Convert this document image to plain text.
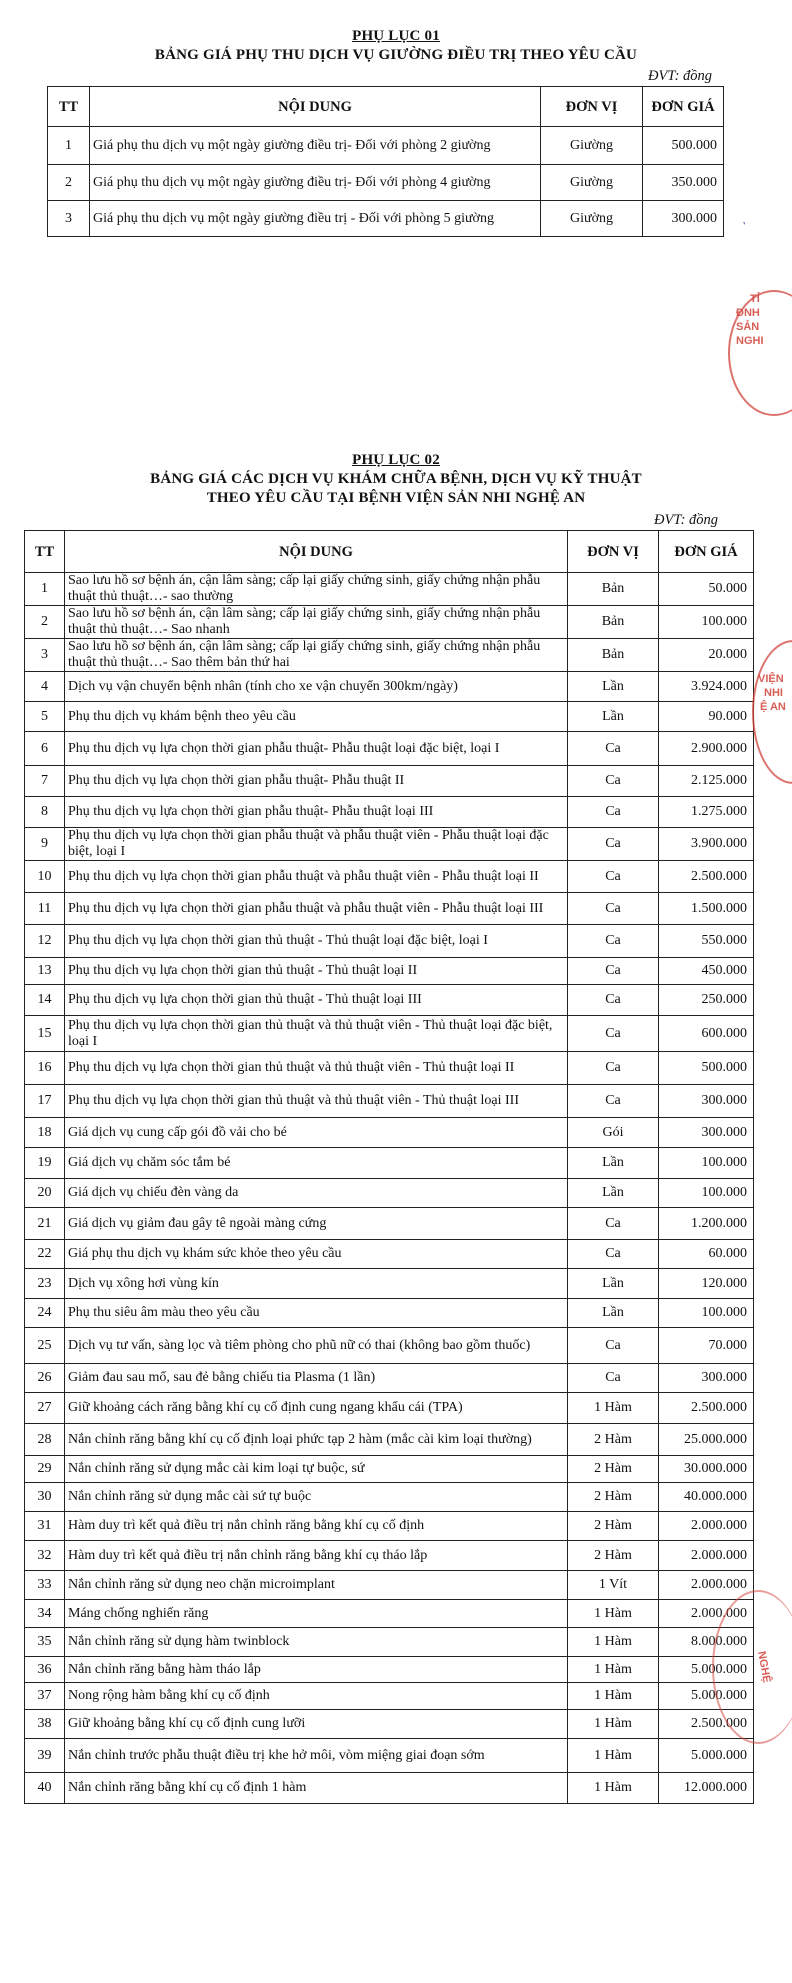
PHỤ LỤC 01
BẢNG GIÁ PHỤ THU DỊCH VỤ GIƯỜNG ĐIỀU TRỊ THEO YÊU CẦU
ĐVT: đồng
TT	NỘI DUNG	ĐƠN VỊ	ĐƠN GIÁ
1	Giá phụ thu dịch vụ một ngày giường điều trị- Đối với phòng 2 giường	Giường	500.000
2	Giá phụ thu dịch vụ một ngày giường điều trị- Đối với phòng 4 giường	Giường	350.000
3	Giá phụ thu dịch vụ một ngày giường điều trị - Đối với phòng 5 giường	Giường	300.000
TỈ
ĐNH
SẢN
NGHI
˺
PHỤ LỤC 02
BẢNG GIÁ CÁC DỊCH VỤ KHÁM CHỮA BỆNH, DỊCH VỤ KỸ THUẬT
THEO YÊU CẦU TẠI BỆNH VIỆN SẢN NHI NGHỆ AN
ĐVT: đồng
TT	NỘI DUNG	ĐƠN VỊ	ĐƠN GIÁ
1	Sao lưu hồ sơ bệnh án, cận lâm sàng; cấp lại giấy chứng sinh, giấy chứng nhận phẫu thuật thủ thuật…- sao thường	Bản	50.000
2	Sao lưu hồ sơ bệnh án, cận lâm sàng; cấp lại giấy chứng sinh, giấy chứng nhận phẫu thuật thủ thuật…- Sao nhanh	Bản	100.000
3	Sao lưu hồ sơ bệnh án, cận lâm sàng; cấp lại giấy chứng sinh, giấy chứng nhận phẫu thuật thủ thuật…- Sao thêm bản thứ hai	Bản	20.000
4	Dịch vụ vận chuyển bệnh nhân (tính cho xe vận chuyển 300km/ngày)	Lần	3.924.000
5	Phụ thu dịch vụ khám bệnh theo yêu cầu	Lần	90.000
6	Phụ thu dịch vụ lựa chọn thời gian phẫu thuật- Phẫu thuật loại đặc biệt, loại I	Ca	2.900.000
7	Phụ thu dịch vụ lựa chọn thời gian phẫu thuật- Phẫu thuật II	Ca	2.125.000
8	Phụ thu dịch vụ lựa chọn thời gian phẫu thuật- Phẫu thuật loại III	Ca	1.275.000
9	Phụ thu dịch vụ lựa chọn thời gian phẫu thuật và phẫu thuật viên - Phẫu thuật loại đặc biệt, loại I	Ca	3.900.000
10	Phụ thu dịch vụ lựa chọn thời gian phẫu thuật và phẫu thuật viên - Phẫu thuật loại II	Ca	2.500.000
11	Phụ thu dịch vụ lựa chọn thời gian phẫu thuật và phẫu thuật viên - Phẫu thuật loại III	Ca	1.500.000
12	Phụ thu dịch vụ lựa chọn thời gian thủ thuật - Thủ thuật loại đặc biệt, loại I	Ca	550.000
13	Phụ thu dịch vụ lựa chọn thời gian thủ thuật - Thủ thuật loại II	Ca	450.000
14	Phụ thu dịch vụ lựa chọn thời gian thủ thuật - Thủ thuật loại III	Ca	250.000
15	Phụ thu dịch vụ lựa chọn thời gian thủ thuật và thủ thuật viên - Thủ thuật loại đặc biệt, loại I	Ca	600.000
16	Phụ thu dịch vụ lựa chọn thời gian thủ thuật và thủ thuật viên - Thủ thuật loại II	Ca	500.000
17	Phụ thu dịch vụ lựa chọn thời gian thủ thuật và thủ thuật viên - Thủ thuật loại III	Ca	300.000
18	Giá dịch vụ cung cấp gói đồ vải cho bé	Gói	300.000
19	Giá dịch vụ chăm sóc tắm bé	Lần	100.000
20	Giá dịch vụ chiếu đèn vàng da	Lần	100.000
21	Giá dịch vụ giảm đau gây tê ngoài màng cứng	Ca	1.200.000
22	Giá phụ thu dịch vụ khám sức khỏe theo yêu cầu	Ca	60.000
23	Dịch vụ xông hơi vùng kín	Lần	120.000
24	Phụ thu siêu âm màu theo yêu cầu	Lần	100.000
25	Dịch vụ tư vấn, sàng lọc và tiêm phòng cho phũ nữ có thai (không bao gồm thuốc)	Ca	70.000
26	Giảm đau sau mổ, sau đẻ bằng chiếu tia Plasma (1 lần)	Ca	300.000
27	Giữ khoảng cách răng bằng khí cụ cố định cung ngang khẩu cái (TPA)	1 Hàm	2.500.000
28	Nắn chỉnh răng bằng khí cụ cố định loại phức tạp 2 hàm (mắc cài kim loại thường)	2 Hàm	25.000.000
29	Nắn chỉnh răng sử dụng mắc cài kim loại tự buộc, sứ	2 Hàm	30.000.000
30	Nắn chỉnh răng sử dụng mắc cài sứ tự buộc	2 Hàm	40.000.000
31	Hàm duy trì kết quả điều trị nắn chỉnh răng bằng khí cụ cố định	2 Hàm	2.000.000
32	Hàm duy trì kết quả điều trị nắn chỉnh răng bằng khí cụ tháo lắp	2 Hàm	2.000.000
33	Nắn chỉnh răng sử dụng neo chặn microimplant	1 Vít	2.000.000
34	Máng chống nghiến răng	1 Hàm	2.000.000
35	Nắn chỉnh răng sử dụng hàm twinblock	1 Hàm	8.000.000
36	Nắn chỉnh răng bằng hàm tháo lắp	1 Hàm	5.000.000
37	Nong rộng hàm bằng khí cụ cố định	1 Hàm	5.000.000
38	Giữ khoảng bằng khí cụ cố định cung lưỡi	1 Hàm	2.500.000
39	Nắn chỉnh trước phẫu thuật điều trị khe hở môi, vòm miệng giai đoạn sớm	1 Hàm	5.000.000
40	Nắn chỉnh răng bằng khí cụ cố định 1 hàm	1 Hàm	12.000.000
VIỆN
NHI
Ệ AN
NGHỆ
